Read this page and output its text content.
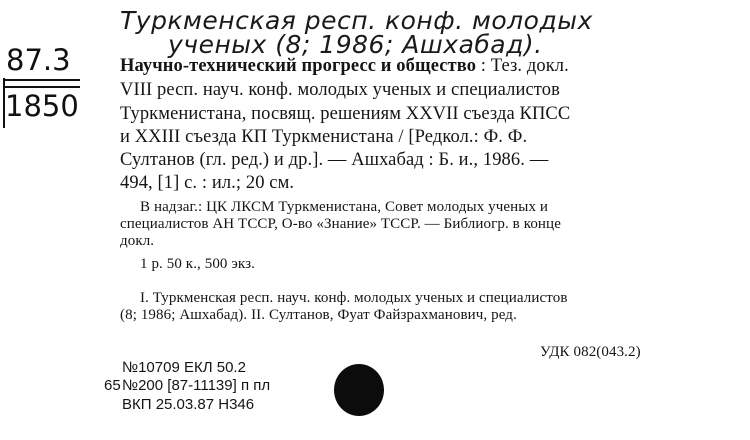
Туркменская респ. конф. молодых
ученых (8; 1986; Ашхабад).
87.3
1850
Научно-технический прогресс и общество : Тез. докл.
VIII респ. науч. конф. молодых ученых и специалистов
Туркменистана, посвящ. решениям XXVII съезда КПСС
и XXIII съезда КП Туркменистана / [Редкол.: Ф. Ф.
Султанов (гл. ред.) и др.]. — Ашхабад : Б. и., 1986. —
494, [1] с. : ил.; 20 см.
В надзаг.: ЦК ЛКСМ Туркменистана, Совет молодых ученых и
специалистов АН ТССР, О-во «Знание» ТССР. — Библиогр. в конце
докл.
1 р. 50 к., 500 экз.
I. Туркменская респ. науч. конф. молодых ученых и специалистов
(8; 1986; Ашхабад). II. Султанов, Фуат Файзрахманович, ред.
УДК 082(043.2)
№10709 ЕКЛ 50.2
65 №200 [87-11139] п пл
ВКП 25.03.87 Н346
